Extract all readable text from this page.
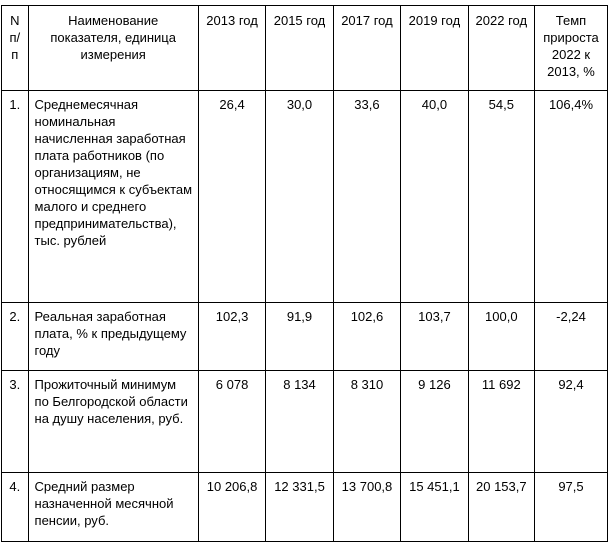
N п/п	Наименование показателя, единица измерения	2013 год	2015 год	2017 год	2019 год	2022 год	Темп прироста 2022 к 2013, %
1.	Среднемесячная номинальная начисленная заработная плата работников (по организациям, не относящимся к субъектам малого и среднего предпринимательства), тыс. рублей	26,4	30,0	33,6	40,0	54,5	106,4%
2.	Реальная заработная плата, % к предыдущему году	102,3	91,9	102,6	103,7	100,0	-2,24
3.	Прожиточный минимум по Белгородской области на душу населения, руб.	6 078	8 134	8 310	9 126	11 692	92,4
4.	Средний размер назначенной месячной пенсии, руб.	10 206,8	12 331,5	13 700,8	15 451,1	20 153,7	97,5
